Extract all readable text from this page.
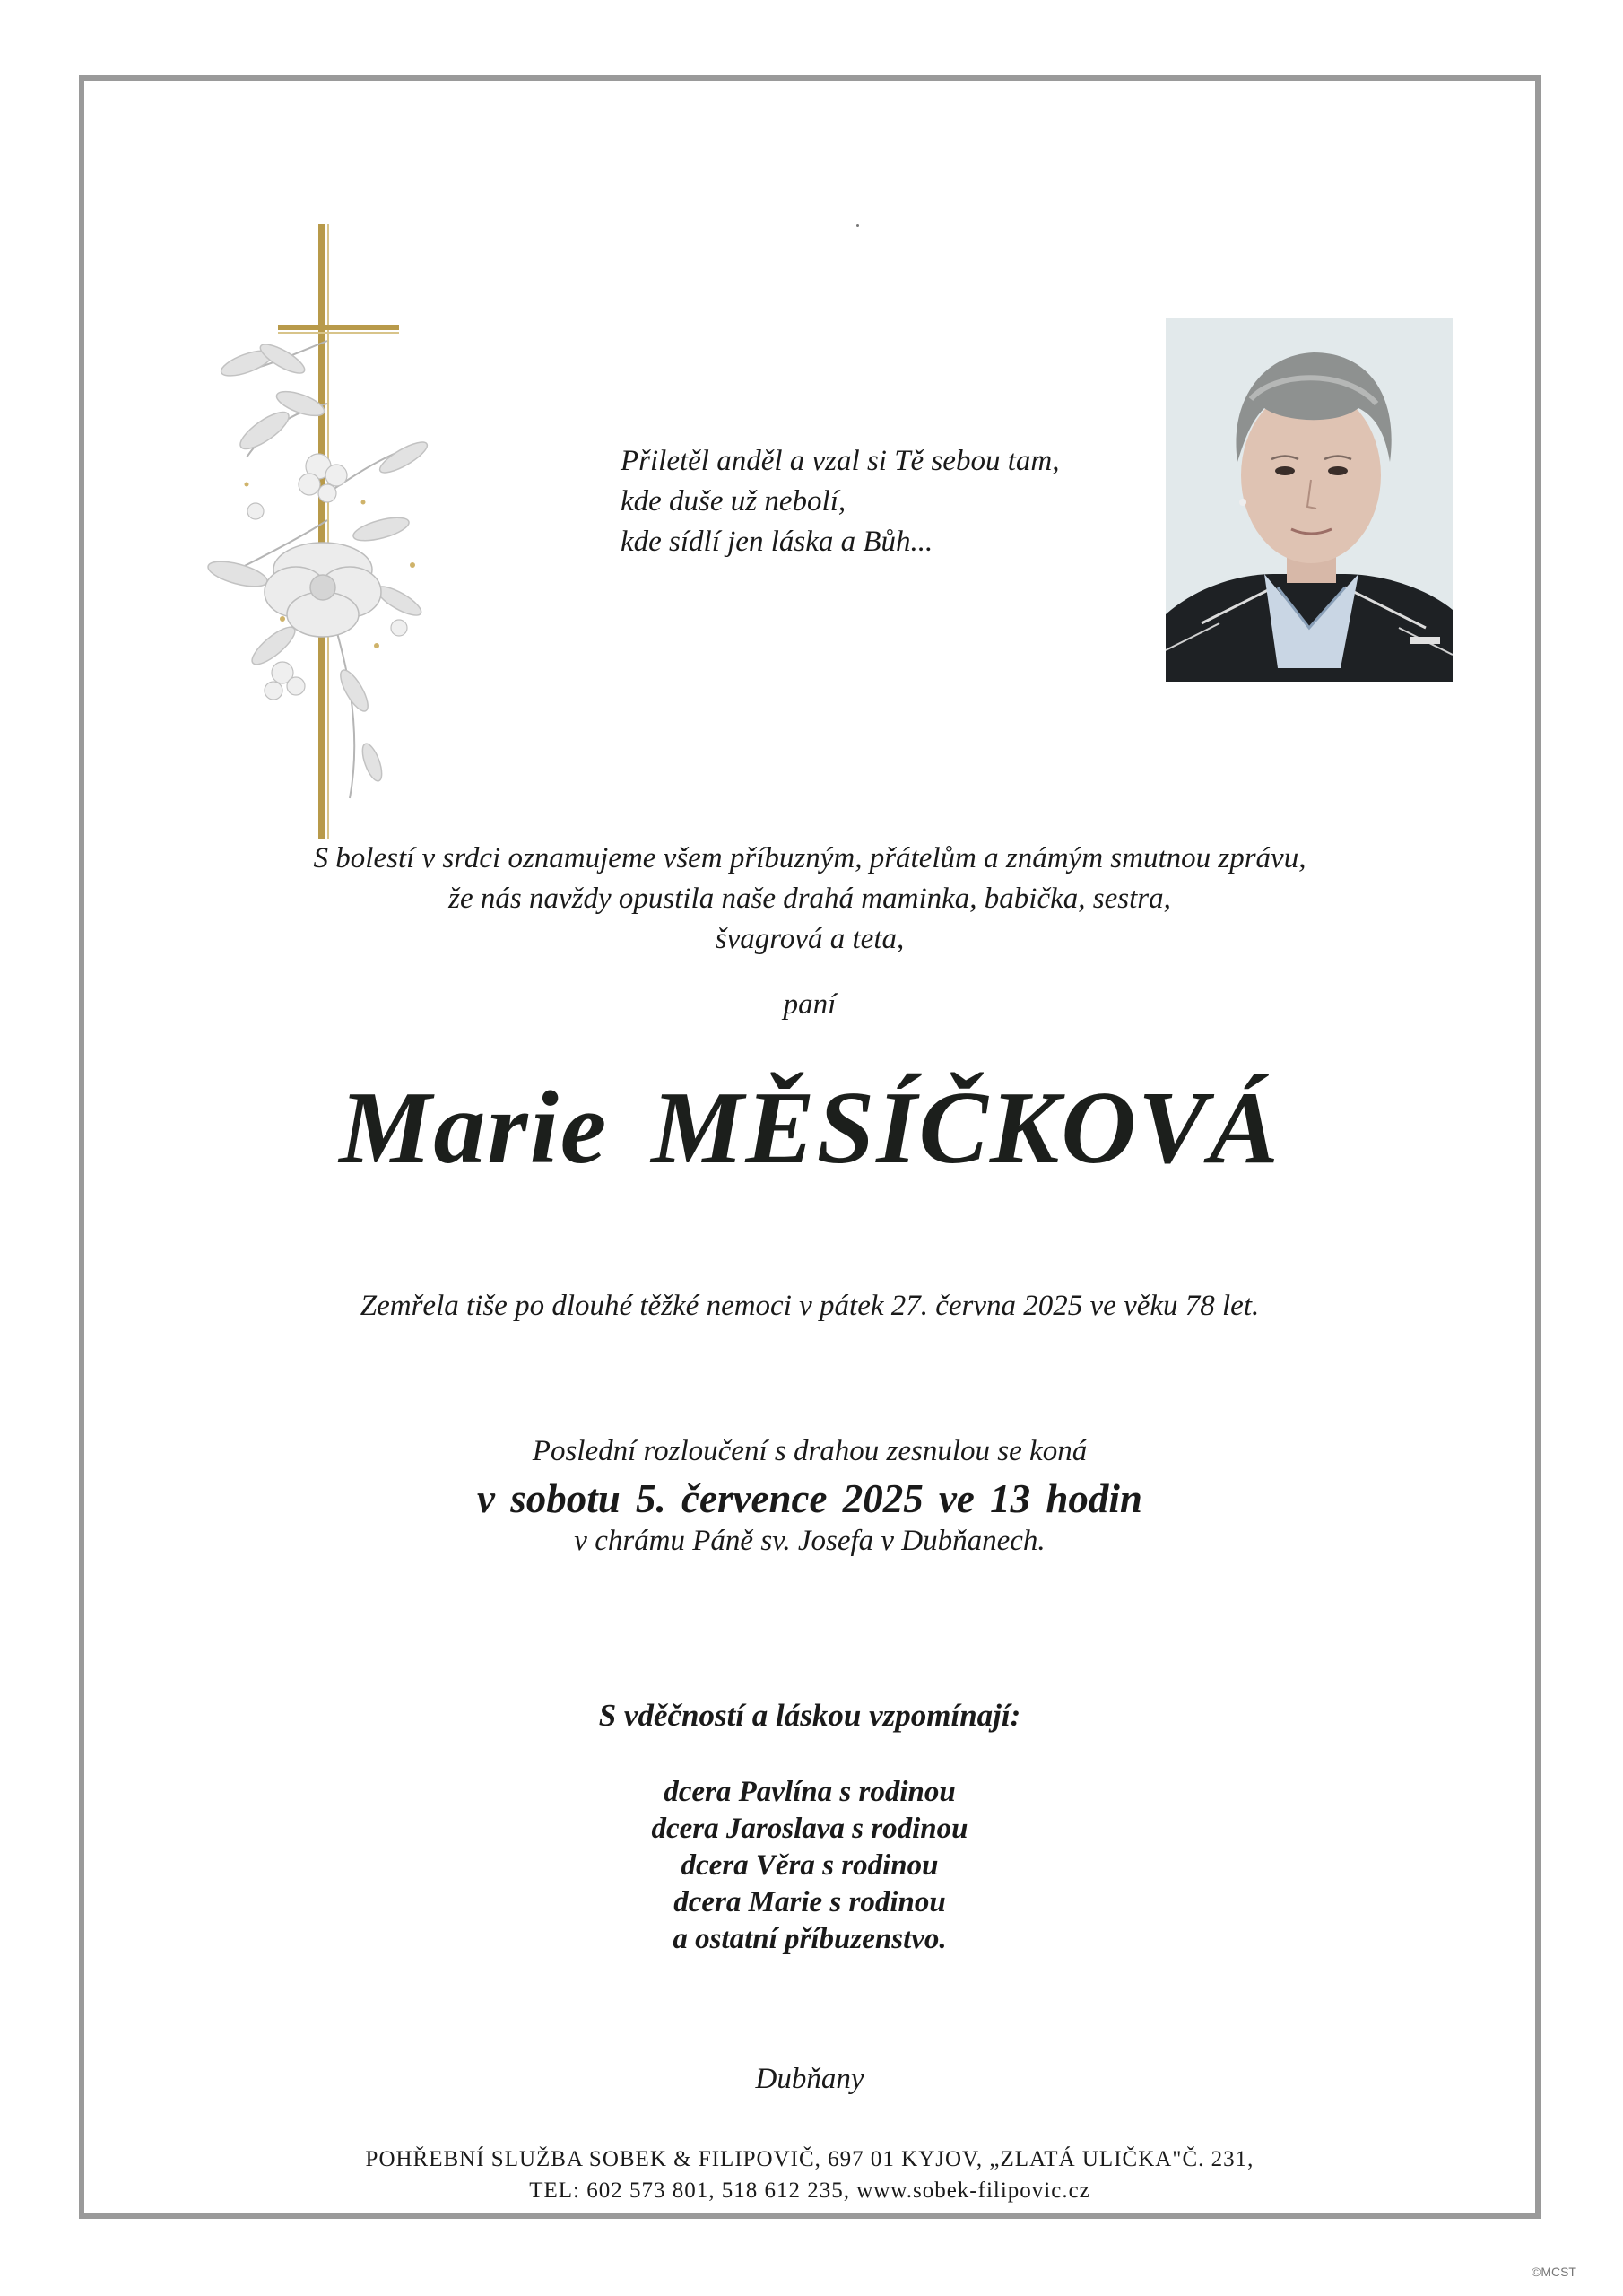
Přiletěl anděl a vzal si Tě sebou tam,
kde duše už nebolí,
kde sídlí jen láska a Bůh...
S bolestí v srdci oznamujeme všem příbuzným, přátelům a známým smutnou zprávu,
že nás navždy opustila naše drahá maminka, babička, sestra,
švagrová a teta,
paní
Marie MĚSÍČKOVÁ
Zemřela tiše po dlouhé těžké nemoci v pátek 27. června 2025 ve věku 78 let.
Poslední rozloučení s drahou zesnulou se koná
v sobotu 5. července 2025 ve 13 hodin
v chrámu Páně sv. Josefa v Dubňanech.
S vděčností a láskou vzpomínají:
dcera Pavlína s rodinou
dcera Jaroslava s rodinou
dcera Věra s rodinou
dcera Marie s rodinou
a ostatní příbuzenstvo.
Dubňany
POHŘEBNÍ SLUŽBA SOBEK & FILIPOVIČ, 697 01 KYJOV, „ZLATÁ ULIČKA"Č. 231,
TEL: 602 573 801, 518 612 235, www.sobek-filipovic.cz
©MCST
